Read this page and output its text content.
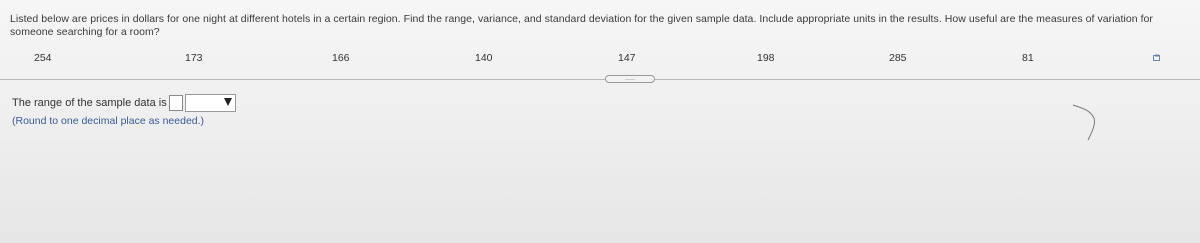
Listed below are prices in dollars for one night at different hotels in a certain region. Find the range, variance, and standard deviation for the given sample data. Include appropriate units in the results. How useful are the measures of variation for someone searching for a room?
254	173	166	140	147	198	285	81
.....
The range of the sample data is
(Round to one decimal place as needed.)
